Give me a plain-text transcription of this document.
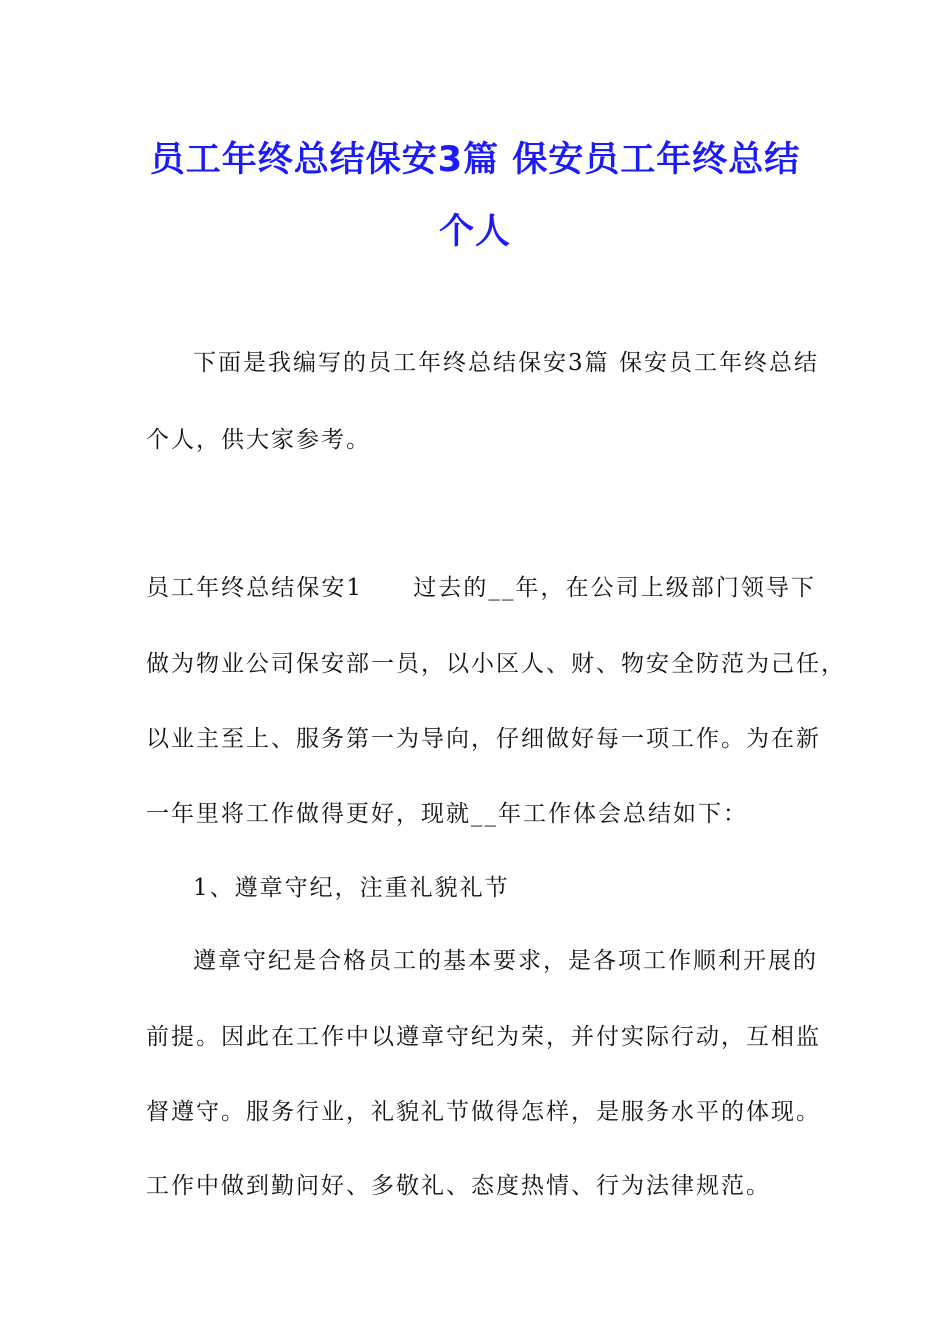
员工年终总结保安3篇 保安员工年终总结
个人

下面是我编写的员工年终总结保安3篇 保安员工年终总结

个人，供大家参考。

员工年终总结保安1　　过去的__年，在公司上级部门领导下

做为物业公司保安部一员，以小区人、财、物安全防范为己任，

以业主至上、服务第一为导向，仔细做好每一项工作。为在新

一年里将工作做得更好，现就__年工作体会总结如下：

1、遵章守纪，注重礼貌礼节

遵章守纪是合格员工的基本要求，是各项工作顺利开展的

前提。因此在工作中以遵章守纪为荣，并付实际行动，互相监

督遵守。服务行业，礼貌礼节做得怎样，是服务水平的体现。

工作中做到勤问好、多敬礼、态度热情、行为法律规范。
